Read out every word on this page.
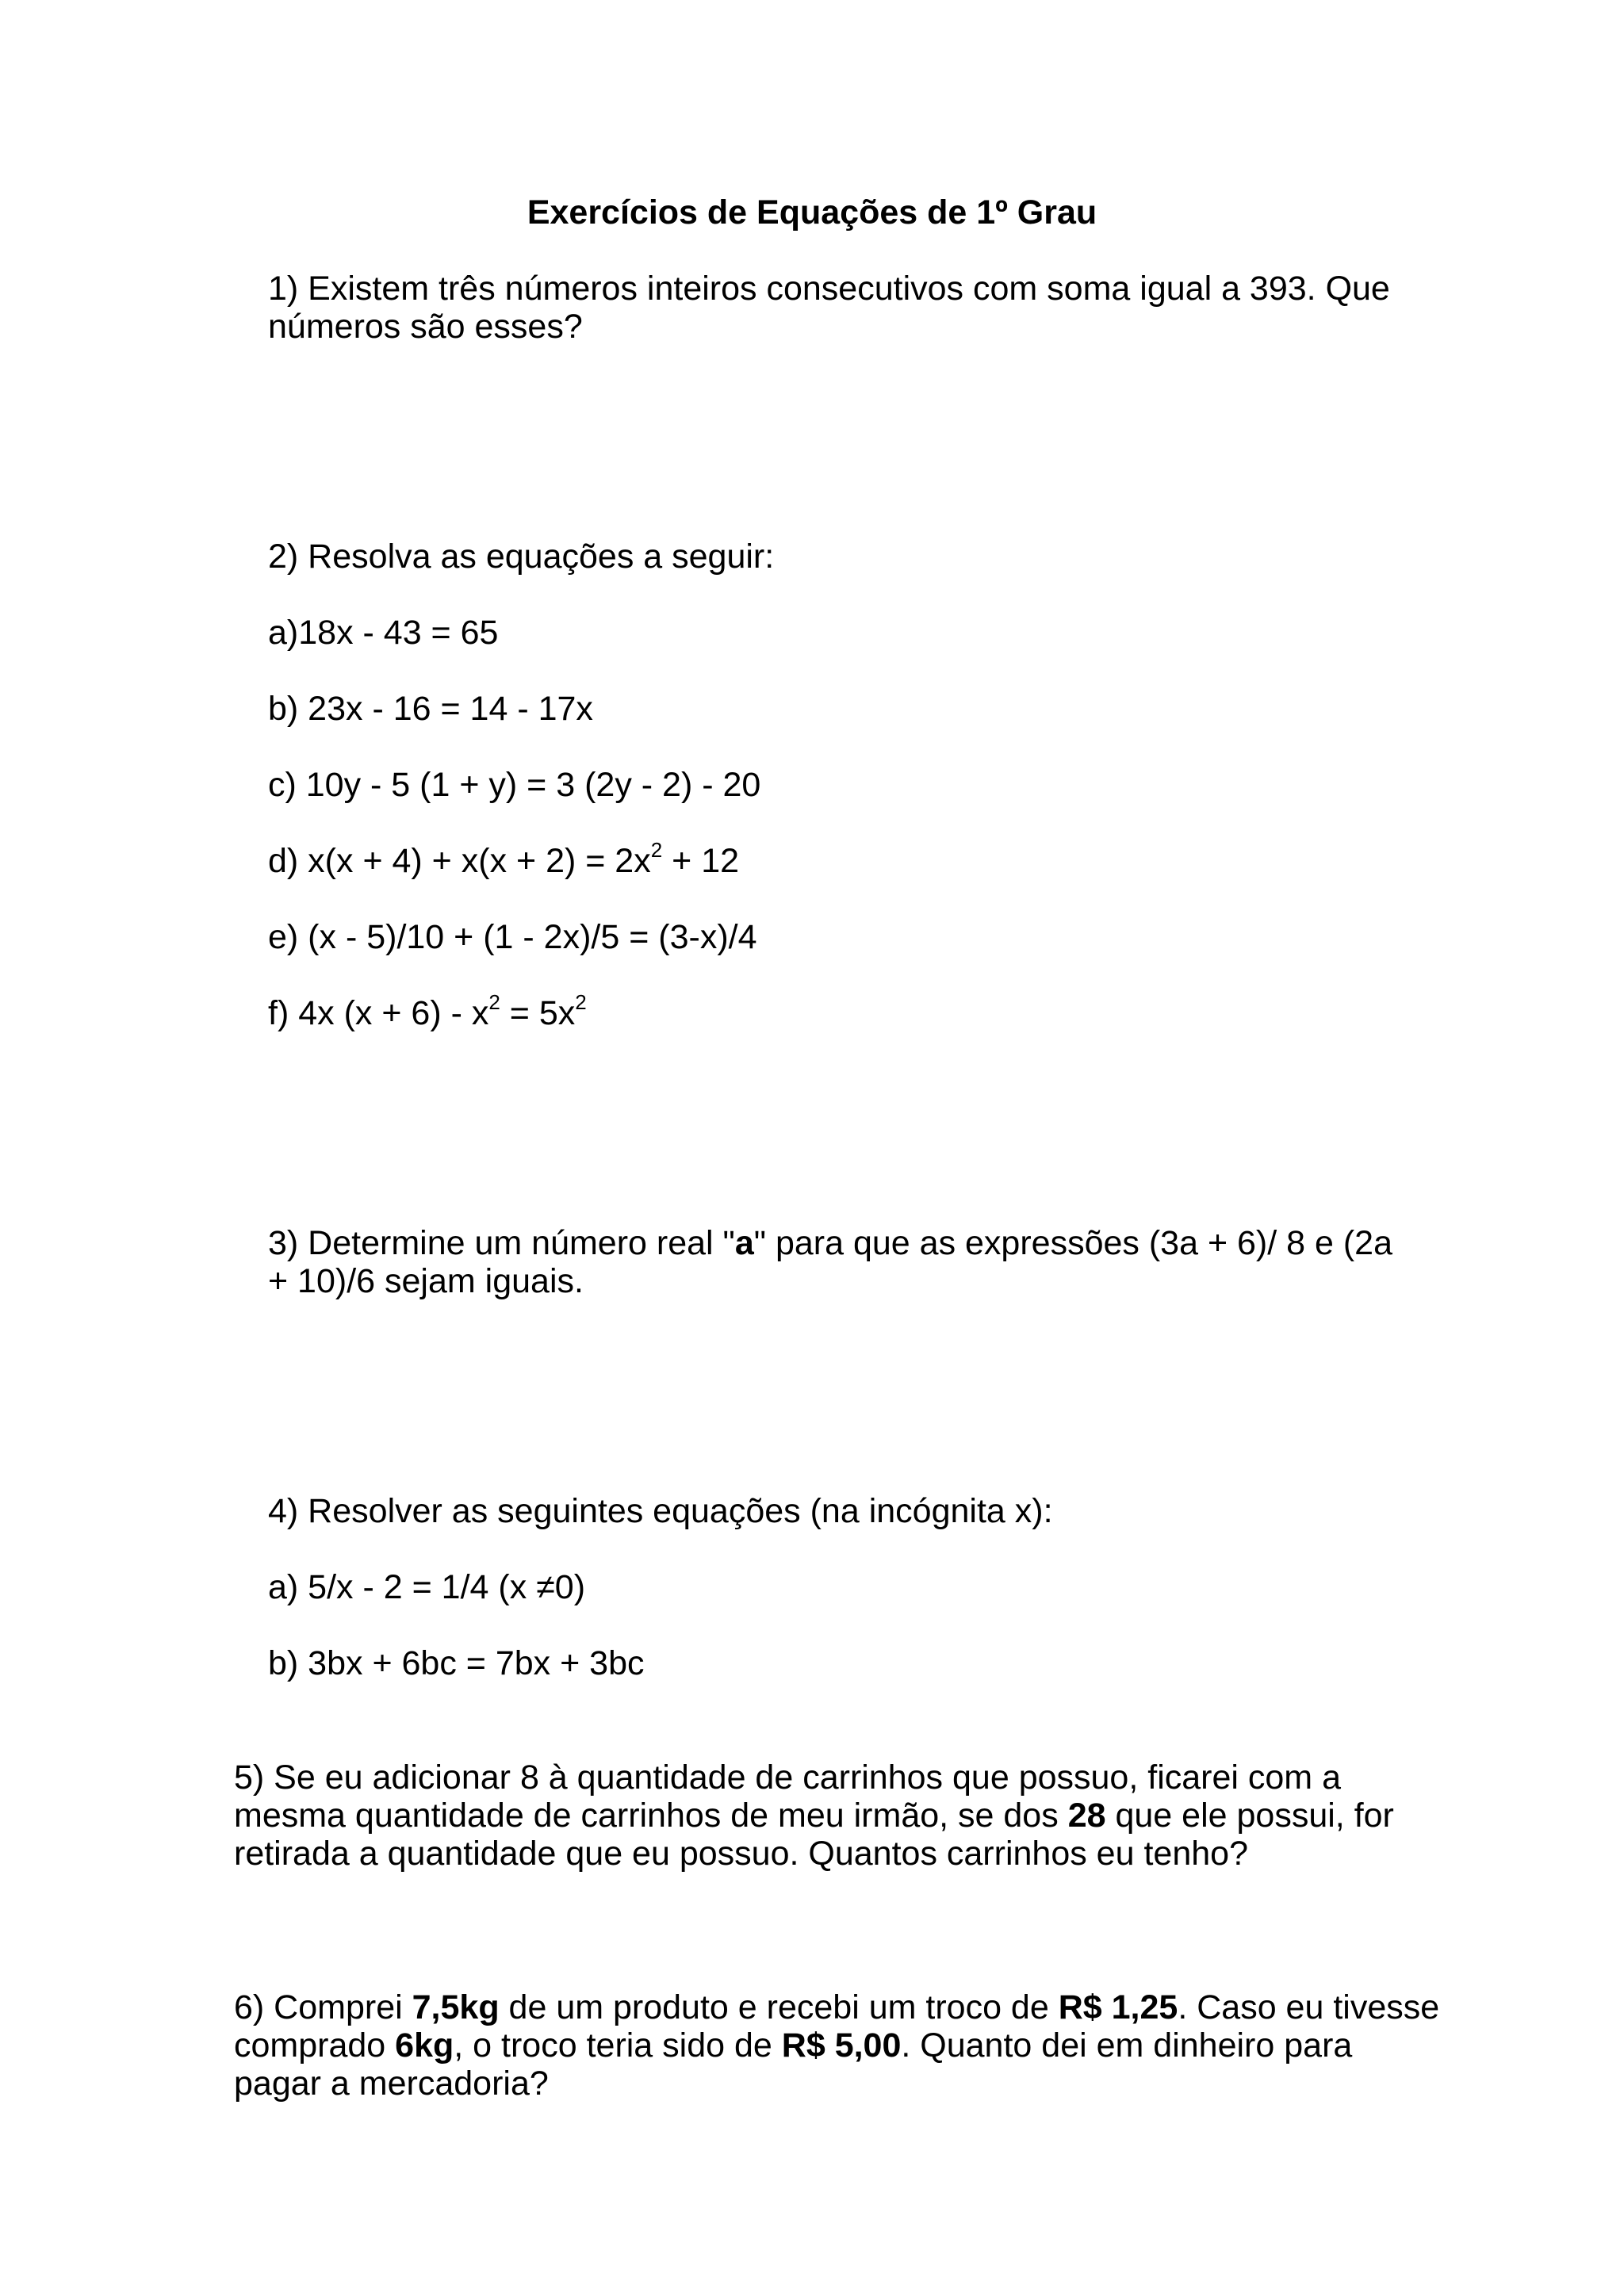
Exercícios de Equações de 1º Grau

1) Existem três números inteiros consecutivos com soma igual a 393. Que

números são esses?

2) Resolva as equações a seguir:

a)18x - 43 = 65

b) 23x - 16 = 14 - 17x

c) 10y - 5 (1 + y) = 3 (2y - 2) - 20

d) $x(x + 4) + x(x + 2) = 2x^2 + 12$

e) (x - 5)/10 + (1 - 2x)/5 = (3-x)/4

f) 4x $(x + 6) - x^2 = 5x^2$

3) Determine um número real "a" para que as expressões (3a + 6)/ 8 e (2a

+ 10)/6 sejam iguais.

4) Resolver as seguintes equações (na incógnita x):

a) 5/x - 2 = 1/4 (x ≠0)

b) 3bx + 6bc = 7bx + 3bc

5) Se eu adicionar 8 à quantidade de carrinhos que possuo, ficarei com a

mesma quantidade de carrinhos de meu irmão, se dos 28 que ele possui, for

retirada a quantidade que eu possuo. Quantos carrinhos eu tenho?

6) Comprei 7,5kg de um produto e recebi um troco de R$ 1,25. Caso eu tivesse

comprado 6kg, o troco teria sido de R$ 5,00. Quanto dei em dinheiro para

pagar a mercadoria?
